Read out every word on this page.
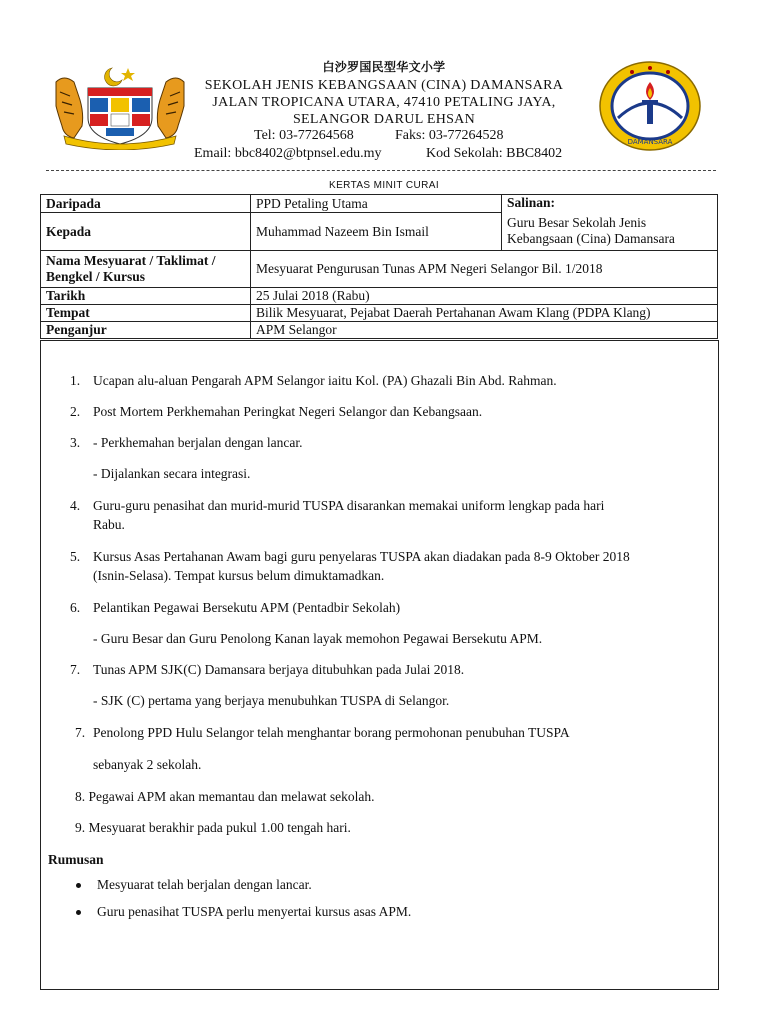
白沙罗国民型华文小学
SEKOLAH JENIS KEBANGSAAN (CINA) DAMANSARA
JALAN TROPICANA UTARA, 47410 PETALING JAYA,
SELANGOR DARUL EHSAN
Tel: 03-77264568	Faks: 03-77264528
Email: bbc8402@btpnsel.edu.my	Kod Sekolah: BBC8402
DAMANSARA
KERTAS MINIT CURAI
Daripada	PPD Petaling Utama	Salinan:
Kepada	Muhammad Nazeem Bin Ismail	Guru Besar Sekolah Jenis Kebangsaan (Cina) Damansara
Nama Mesyuarat / Taklimat / Bengkel / Kursus	Mesyuarat Pengurusan Tunas APM Negeri Selangor Bil. 1/2018	
Tarikh	25 Julai 2018 (Rabu)	
Tempat	Bilik Mesyuarat, Pejabat Daerah Pertahanan Awam Klang (PDPA Klang)	
Penganjur	APM Selangor	
1. Ucapan alu-aluan Pengarah APM Selangor iaitu Kol. (PA) Ghazali Bin Abd. Rahman.
2. Post Mortem Perkhemahan Peringkat Negeri Selangor dan Kebangsaan.
3. - Perkhemahan berjalan dengan lancar.
- Dijalankan secara integrasi.
4. Guru-guru penasihat dan murid-murid TUSPA disarankan memakai uniform lengkap pada hari
Rabu.
5. Kursus Asas Pertahanan Awam bagi guru penyelaras TUSPA akan diadakan pada 8-9 Oktober 2018
(Isnin-Selasa). Tempat kursus belum dimuktamadkan.
6. Pelantikan Pegawai Bersekutu APM (Pentadbir Sekolah)
- Guru Besar dan Guru Penolong Kanan layak memohon Pegawai Bersekutu APM.
7. Tunas APM SJK(C) Damansara berjaya ditubuhkan pada Julai 2018.
- SJK (C) pertama yang berjaya menubuhkan TUSPA di Selangor.
7. Penolong PPD Hulu Selangor telah menghantar borang permohonan penubuhan TUSPA
sebanyak 2 sekolah.
8. Pegawai APM akan memantau dan melawat sekolah.
9. Mesyuarat berakhir pada pukul 1.00 tengah hari.
Rumusan
Mesyuarat telah berjalan dengan lancar.
Guru penasihat TUSPA perlu menyertai kursus asas APM.
